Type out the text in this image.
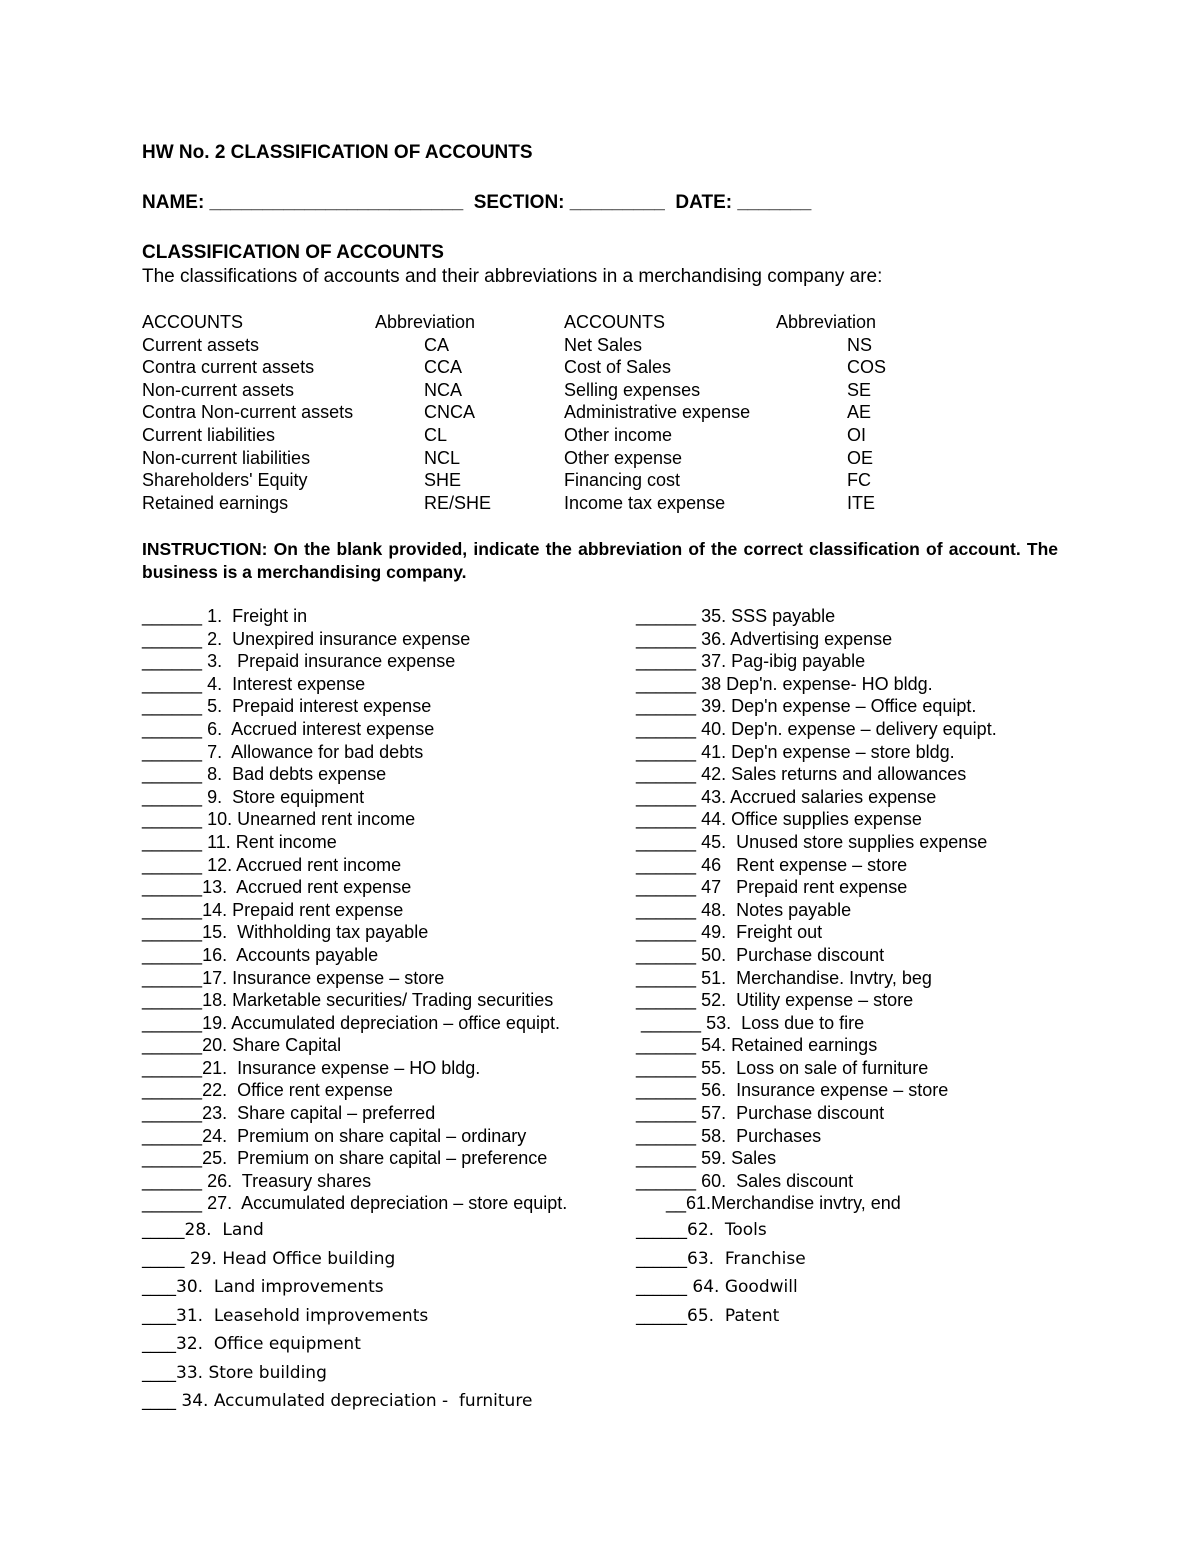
HW No. 2 CLASSIFICATION OF ACCOUNTS
NAME: ________________________  SECTION: _________  DATE: _______
CLASSIFICATION OF ACCOUNTS
The classifications of accounts and their abbreviations in a merchandising company are:
ACCOUNTS	Abbreviation	ACCOUNTS	Abbreviation
Current assets	CA	Net Sales	NS
Contra current assets	CCA	Cost of Sales	COS
Non-current assets	NCA	Selling expenses	SE
Contra Non-current assets	CNCA	Administrative expense	AE
Current liabilities	CL	Other income	OI
Non-current liabilities	NCL	Other expense	OE
Shareholders' Equity	SHE	Financing cost	FC
Retained earnings	RE/SHE	Income tax expense	ITE
INSTRUCTION: On the blank provided, indicate the abbreviation of the correct classification of account. The business is a merchandising company.
______ 1.  Freight in
______ 2.  Unexpired insurance expense
______ 3.   Prepaid insurance expense
______ 4.  Interest expense
______ 5.  Prepaid interest expense
______ 6.  Accrued interest expense
______ 7.  Allowance for bad debts
______ 8.  Bad debts expense
______ 9.  Store equipment
______ 10. Unearned rent income
______ 11. Rent income
______ 12. Accrued rent income
______13.  Accrued rent expense
______14. Prepaid rent expense
______15.  Withholding tax payable
______16.  Accounts payable
______17. Insurance expense – store
______18. Marketable securities/ Trading securities
______19. Accumulated depreciation – office equipt.
______20. Share Capital
______21.  Insurance expense – HO bldg.
______22.  Office rent expense
______23.  Share capital – preferred
______24.  Premium on share capital – ordinary
______25.  Premium on share capital – preference
______ 26.  Treasury shares
______ 27.  Accumulated depreciation – store equipt.
______ 35. SSS payable
______ 36. Advertising expense
______ 37. Pag-ibig payable
______ 38 Dep'n. expense- HO bldg.
______ 39. Dep'n expense – Office equipt.
______ 40. Dep'n. expense – delivery equipt.
______ 41. Dep'n expense – store bldg.
______ 42. Sales returns and allowances
______ 43. Accrued salaries expense
______ 44. Office supplies expense
______ 45.  Unused store supplies expense
______ 46   Rent expense – store
______ 47   Prepaid rent expense
______ 48.  Notes payable
______ 49.  Freight out
______ 50.  Purchase discount
______ 51.  Merchandise. Invtry, beg
______ 52.  Utility expense – store
______ 53.  Loss due to fire
______ 54. Retained earnings
______ 55.  Loss on sale of furniture
______ 56.  Insurance expense – store
______ 57.  Purchase discount
______ 58.  Purchases
______ 59. Sales
______ 60.  Sales discount
__61.Merchandise invtry, end
_____28.  Land
_____ 29. Head Office building
____30.  Land improvements
____31.  Leasehold improvements
____32.  Office equipment
____33. Store building
____ 34. Accumulated depreciation -  furniture
______62.  Tools
______63.  Franchise
______ 64. Goodwill
______65.  Patent
